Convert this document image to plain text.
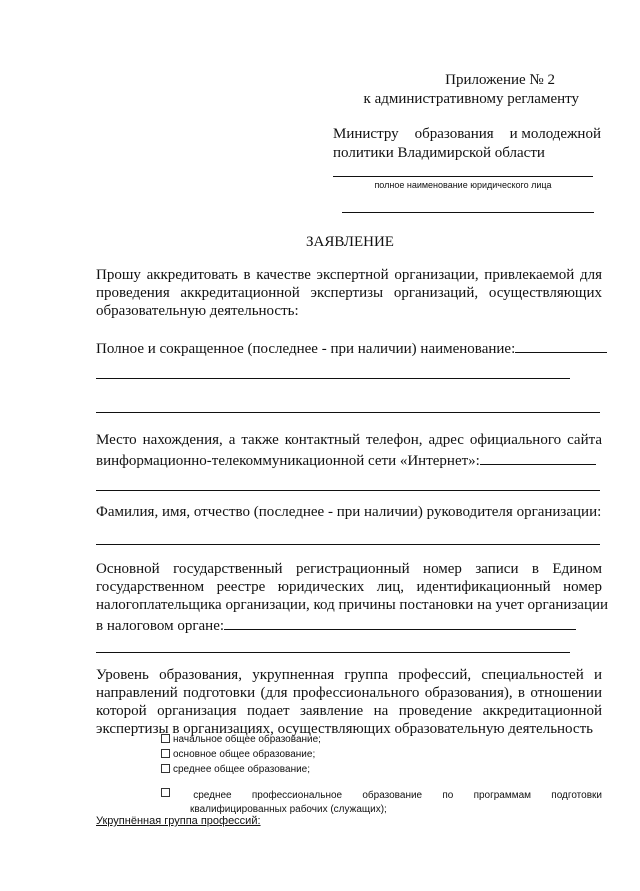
Приложение № 2
к административному регламенту
Министру образования и молодежной
политики Владимирской области
полное наименование юридического лица
ЗАЯВЛЕНИЕ
Прошу аккредитовать в качестве экспертной организации, привлекаемой для
проведения аккредитационной экспертизы организаций, осуществляющих
образовательную деятельность:
Полное и сокращенное (последнее - при наличии) наименование:
Место нахождения, а также контактный телефон, адрес официального сайта
винформационно-телекоммуникационной сети «Интернет»:
Фамилия, имя, отчество (последнее - при наличии) руководителя организации:
Основной государственный регистрационный номер записи в Едином
государственном реестре юридических лиц, идентификационный номер
налогоплательщика организации, код причины постановки на учет организации
в налоговом органе:
Уровень образования, укрупненная группа профессий, специальностей и
направлений подготовки (для профессионального образования), в отношении
которой организация подает заявление на проведение аккредитационной
экспертизы в организациях, осуществляющих образовательную деятельность
начальное общее образование;
основное общее образование;
среднее общее образование;
среднее профессиональное образование по программам подготовки
квалифицированных рабочих (служащих);
Укрупнённая группа профессий:
